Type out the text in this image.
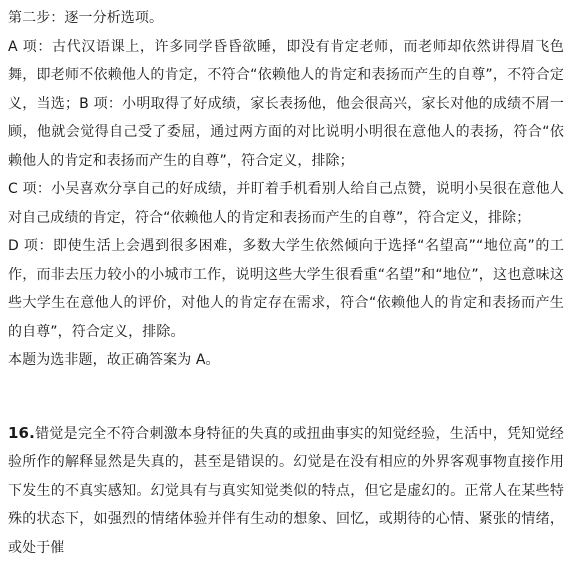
第二步：逐一分析选项。

A 项：古代汉语课上，许多同学昏昏欲睡，即没有肯定老师，而老师却依然讲得眉飞色舞，即老师不依赖他人的肯定，不符合“依赖他人的肯定和表扬而产生的自尊”，不符合定义，当选；B 项：小明取得了好成绩，家长表扬他，他会很高兴，家长对他的成绩不屑一顾，他就会觉得自己受了委屈，通过两方面的对比说明小明很在意他人的表扬，符合“依赖他人的肯定和表扬而产生的自尊”，符合定义，排除；

C 项：小吴喜欢分享自己的好成绩，并盯着手机看别人给自己点赞，说明小吴很在意他人对自己成绩的肯定，符合“依赖他人的肯定和表扬而产生的自尊”，符合定义，排除；

D 项：即使生活上会遇到很多困难，多数大学生依然倾向于选择“名望高”“地位高”的工作，而非去压力较小的小城市工作，说明这些大学生很看重“名望”和“地位”，这也意味这些大学生在意他人的评价，对他人的肯定存在需求，符合“依赖他人的肯定和表扬而产生的自尊”，符合定义，排除。

本题为选非题，故正确答案为 A。

16.错觉是完全不符合刺激本身特征的失真的或扭曲事实的知觉经验，生活中，凭知觉经验所作的解释显然是失真的，甚至是错误的。幻觉是在没有相应的外界客观事物直接作用下发生的不真实感知。幻觉具有与真实知觉类似的特点，但它是虚幻的。正常人在某些特殊的状态下，如强烈的情绪体验并伴有生动的想象、回忆，或期待的心情、紧张的情绪，或处于催
